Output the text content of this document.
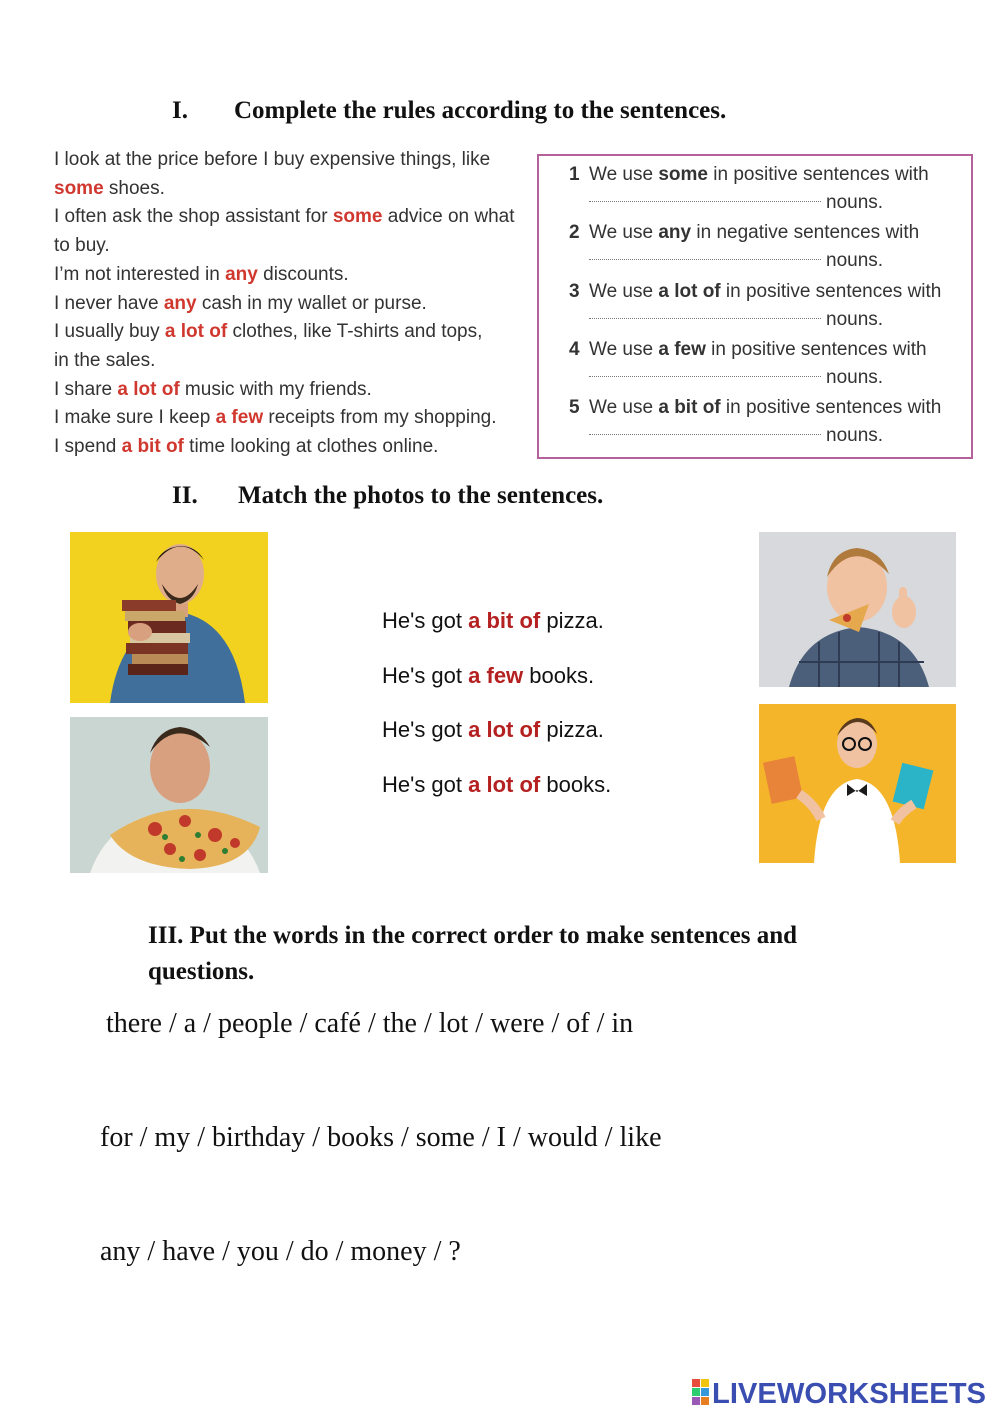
I. Complete the rules according to the sentences.
I look at the price before I buy expensive things, like
some shoes.
I often ask the shop assistant for some advice on what
to buy.
I’m not interested in any discounts.
I never have any cash in my wallet or purse.
I usually buy a lot of clothes, like T-shirts and tops,
in the sales.
I share a lot of music with my friends.
I make sure I keep a few receipts from my shopping.
I spend a bit of time looking at clothes online.
1 We use some in positive sentences with
nouns.
2 We use any in negative sentences with
nouns.
3 We use a lot of in positive sentences with
nouns.
4 We use a few in positive sentences with
nouns.
5 We use a bit of in positive sentences with
nouns.
II. Match the photos to the sentences.
He's got a bit of pizza.
He's got a few books.
He's got a lot of pizza.
He's got a lot of books.
III. Put the words in the correct order to make sentences and questions.
there / a / people / café / the / lot / were / of / in
for / my / birthday / books / some / I / would / like
any / have / you / do / money / ?
LIVEWORKSHEETS
